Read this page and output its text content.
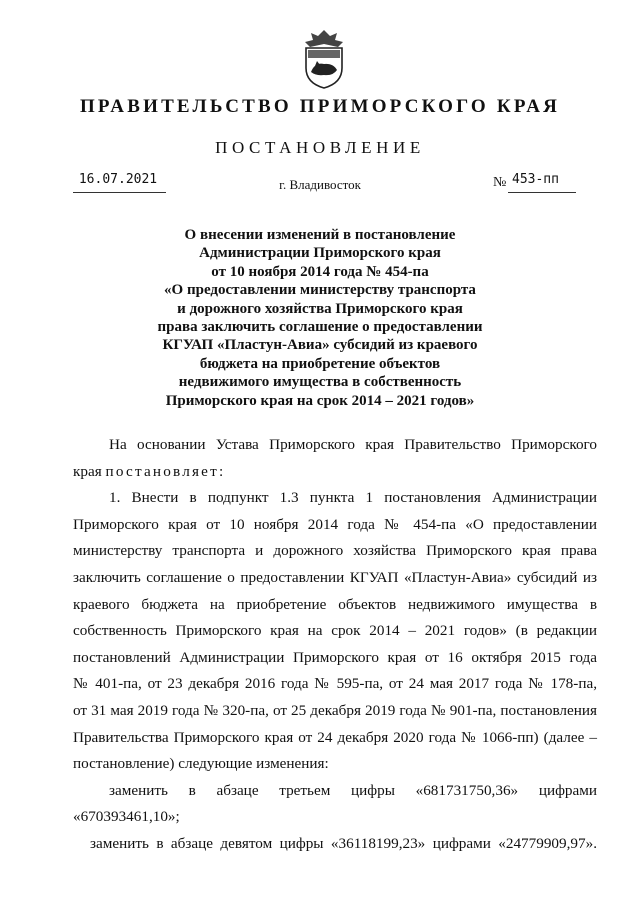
ПРАВИТЕЛЬСТВО ПРИМОРСКОГО КРАЯ
ПОСТАНОВЛЕНИЕ
16.07.2021	г. Владивосток	№ 453-пп
О внесении изменений в постановление
Администрации Приморского края
от 10 ноября 2014 года № 454-па
«О предоставлении министерству транспорта
и дорожного хозяйства Приморского края
права заключить соглашение о предоставлении
КГУАП «Пластун-Авиа» субсидий из краевого
бюджета на приобретение объектов
недвижимого имущества в собственность
Приморского края на срок 2014 – 2021 годов»

На основании Устава Приморского края Правительство Приморского

края постановляет:

1. Внести в подпункт 1.3 пункта 1 постановления Администрации

Приморского края от 10 ноября 2014 года № 454-па «О предоставлении

министерству транспорта и дорожного хозяйства Приморского края права

заключить соглашение о предоставлении КГУАП «Пластун-Авиа» субсидий из

краевого бюджета на приобретение объектов недвижимого имущества в

собственность Приморского края на срок 2014 – 2021 годов» (в редакции

постановлений Администрации Приморского края от 16 октября 2015 года

№ 401-па, от 23 декабря 2016 года № 595-па, от 24 мая 2017 года № 178-па,

от 31 мая 2019 года № 320-па, от 25 декабря 2019 года № 901-па, постановления

Правительства Приморского края от 24 декабря 2020 года № 1066-пп) (далее –

постановление) следующие изменения:

заменить в абзаце третьем цифры «681731750,36» цифрами

«670393461,10»;

заменить в абзаце девятом цифры «36118199,23» цифрами «24779909,97».
